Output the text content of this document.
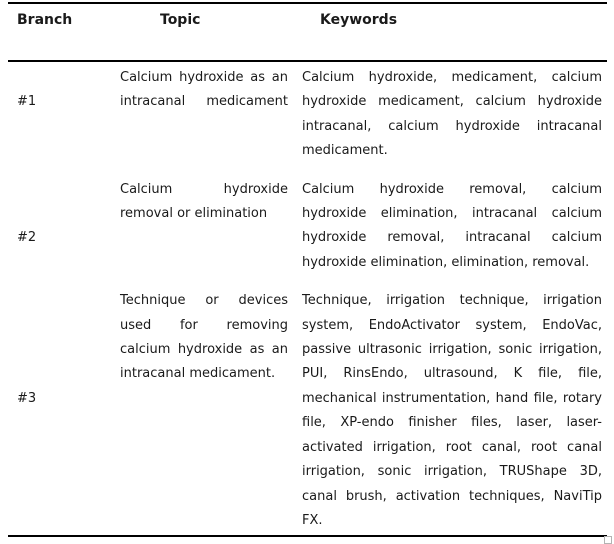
Branch	Topic	Keywords
#1
Calcium hydroxide as an intracanal medicament
Calcium hydroxide, medicament, calcium hydroxide medicament, calcium hydroxide intracanal, calcium hydroxide intracanal medicament.
#2
Calcium hydroxide removal or elimination
Calcium hydroxide removal, calcium hydroxide elimination, intracanal calcium hydroxide removal, intracanal calcium hydroxide elimination, elimination, removal.
#3
Technique or devices used for removing calcium hydroxide as an intracanal medicament.
Technique, irrigation technique, irrigation system, EndoActivator system, EndoVac, passive ultrasonic irrigation, sonic irrigation, PUI, RinsEndo, ultrasound, K file, file, mechanical instrumentation, hand file, rotary file, XP-endo finisher files, laser, laser-activated irrigation, root canal, root canal irrigation, sonic irrigation, TRUShape 3D, canal brush, activation techniques, NaviTip FX.
